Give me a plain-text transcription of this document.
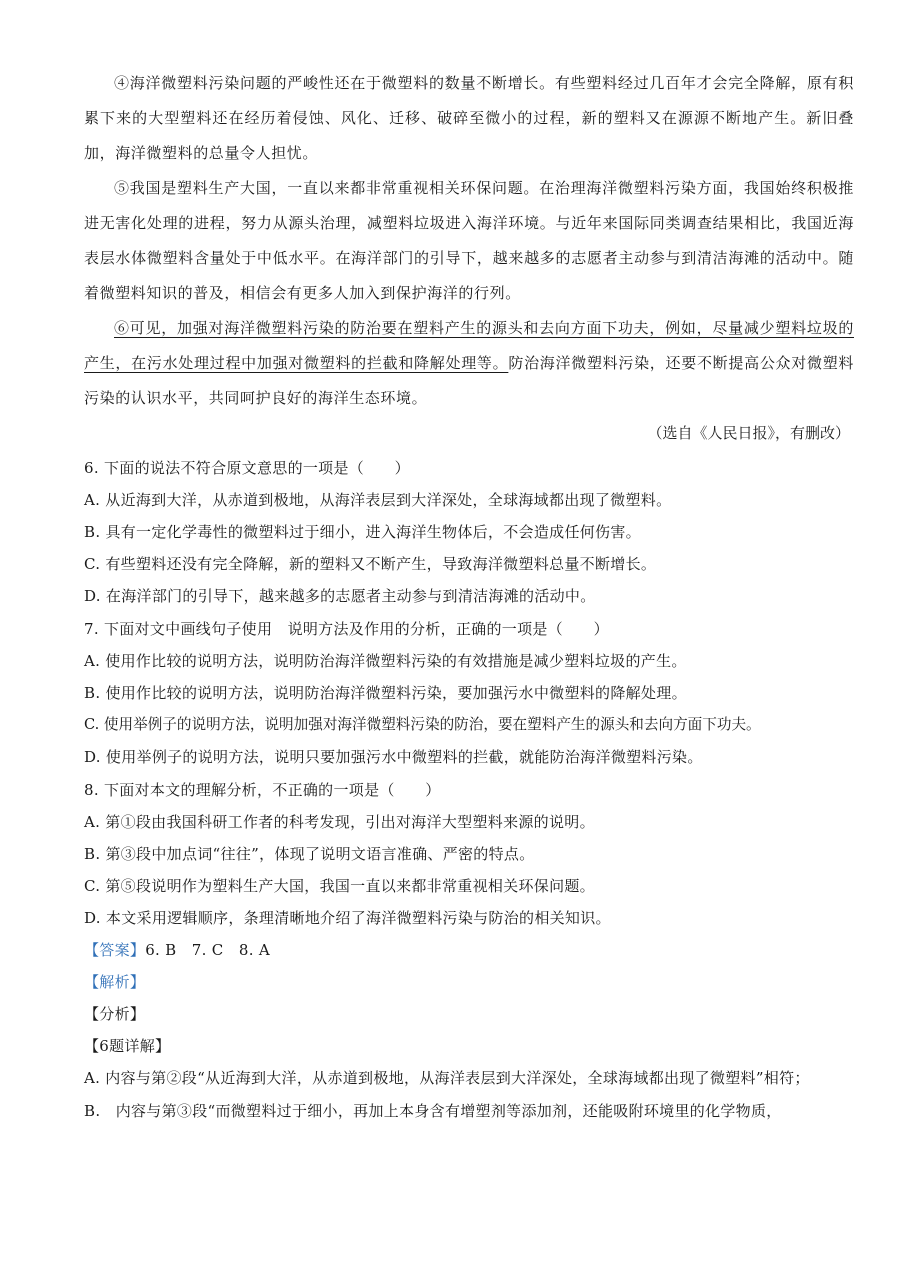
④海洋微塑料污染问题的严峻性还在于微塑料的数量不断增长。有些塑料经过几百年才会完全降解，原有积累下来的大型塑料还在经历着侵蚀、风化、迁移、破碎至微小的过程，新的塑料又在源源不断地产生。新旧叠加，海洋微塑料的总量令人担忧。

⑤我国是塑料生产大国，一直以来都非常重视相关环保问题。在治理海洋微塑料污染方面，我国始终积极推进无害化处理的进程，努力从源头治理，减塑料垃圾进入海洋环境。与近年来国际同类调查结果相比，我国近海表层水体微塑料含量处于中低水平。在海洋部门的引导下，越来越多的志愿者主动参与到清洁海滩的活动中。随着微塑料知识的普及，相信会有更多人加入到保护海洋的行列。

⑥可见，加强对海洋微塑料污染的防治要在塑料产生的源头和去向方面下功夫，例如，尽量减少塑料垃圾的产生，在污水处理过程中加强对微塑料的拦截和降解处理等。防治海洋微塑料污染，还要不断提高公众对微塑料污染的认识水平，共同呵护良好的海洋生态环境。

（选自《人民日报》，有删改）

6. 下面的说法不符合原文意思的一项是（　　）

A. 从近海到大洋，从赤道到极地，从海洋表层到大洋深处，全球海域都出现了微塑料。

B. 具有一定化学毒性的微塑料过于细小，进入海洋生物体后，不会造成任何伤害。

C. 有些塑料还没有完全降解，新的塑料又不断产生，导致海洋微塑料总量不断增长。

D. 在海洋部门的引导下，越来越多的志愿者主动参与到清洁海滩的活动中。

7. 下面对文中画线句子使用　说明方法及作用的分析，正确的一项是（　　）

A. 使用作比较的说明方法，说明防治海洋微塑料污染的有效措施是减少塑料垃圾的产生。

B. 使用作比较的说明方法，说明防治海洋微塑料污染，要加强污水中微塑料的降解处理。

C. 使用举例子的说明方法，说明加强对海洋微塑料污染的防治，要在塑料产生的源头和去向方面下功夫。

D. 使用举例子的说明方法，说明只要加强污水中微塑料的拦截，就能防治海洋微塑料污染。

8. 下面对本文的理解分析，不正确的一项是（　　）

A. 第①段由我国科研工作者的科考发现，引出对海洋大型塑料来源的说明。

B. 第③段中加点词“往往”，体现了说明文语言准确、严密的特点。

C. 第⑤段说明作为塑料生产大国，我国一直以来都非常重视相关环保问题。

D. 本文采用逻辑顺序，条理清晰地介绍了海洋微塑料污染与防治的相关知识。

【答案】6. B　7. C　8. A

【解析】

【分析】

【6题详解】

A. 内容与第②段“从近海到大洋，从赤道到极地，从海洋表层到大洋深处，全球海域都出现了微塑料”相符；

B.　内容与第③段“而微塑料过于细小，再加上本身含有增塑剂等添加剂，还能吸附环境里的化学物质，
